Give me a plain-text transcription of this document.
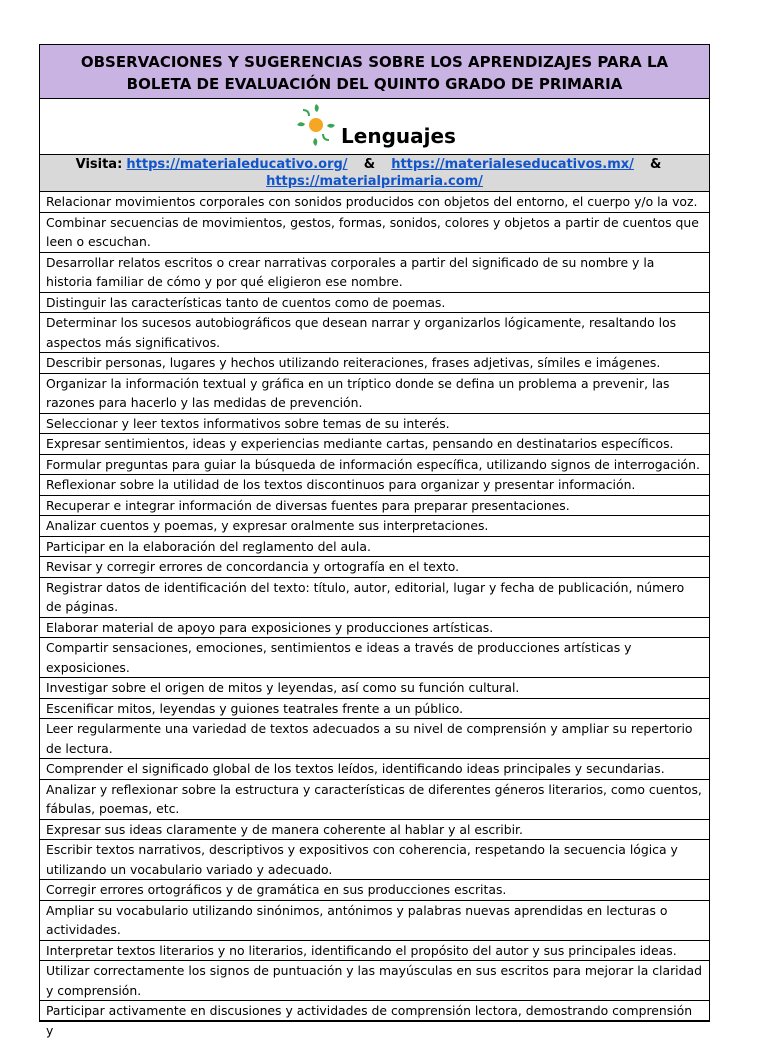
OBSERVACIONES Y SUGERENCIAS SOBRE LOS APRENDIZAJES PARA LA BOLETA DE EVALUACIÓN DEL QUINTO GRADO DE PRIMARIA
Lenguajes
Visita: https://materialeducativo.org/ & https://materialeseducativos.mx/ &
https://materialprimaria.com/
Relacionar movimientos corporales con sonidos producidos con objetos del entorno, el cuerpo y/o la voz.
Combinar secuencias de movimientos, gestos, formas, sonidos, colores y objetos a partir de cuentos que leen o escuchan.
Desarrollar relatos escritos o crear narrativas corporales a partir del significado de su nombre y la historia familiar de cómo y por qué eligieron ese nombre.
Distinguir las características tanto de cuentos como de poemas.
Determinar los sucesos autobiográficos que desean narrar y organizarlos lógicamente, resaltando los aspectos más significativos.
Describir personas, lugares y hechos utilizando reiteraciones, frases adjetivas, símiles e imágenes.
Organizar la información textual y gráfica en un tríptico donde se defina un problema a prevenir, las razones para hacerlo y las medidas de prevención.
Seleccionar y leer textos informativos sobre temas de su interés.
Expresar sentimientos, ideas y experiencias mediante cartas, pensando en destinatarios específicos.
Formular preguntas para guiar la búsqueda de información específica, utilizando signos de interrogación.
Reflexionar sobre la utilidad de los textos discontinuos para organizar y presentar información.
Recuperar e integrar información de diversas fuentes para preparar presentaciones.
Analizar cuentos y poemas, y expresar oralmente sus interpretaciones.
Participar en la elaboración del reglamento del aula.
Revisar y corregir errores de concordancia y ortografía en el texto.
Registrar datos de identificación del texto: título, autor, editorial, lugar y fecha de publicación, número de páginas.
Elaborar material de apoyo para exposiciones y producciones artísticas.
Compartir sensaciones, emociones, sentimientos e ideas a través de producciones artísticas y exposiciones.
Investigar sobre el origen de mitos y leyendas, así como su función cultural.
Escenificar mitos, leyendas y guiones teatrales frente a un público.
Leer regularmente una variedad de textos adecuados a su nivel de comprensión y ampliar su repertorio de lectura.
Comprender el significado global de los textos leídos, identificando ideas principales y secundarias.
Analizar y reflexionar sobre la estructura y características de diferentes géneros literarios, como cuentos, fábulas, poemas, etc.
Expresar sus ideas claramente y de manera coherente al hablar y al escribir.
Escribir textos narrativos, descriptivos y expositivos con coherencia, respetando la secuencia lógica y utilizando un vocabulario variado y adecuado.
Corregir errores ortográficos y de gramática en sus producciones escritas.
Ampliar su vocabulario utilizando sinónimos, antónimos y palabras nuevas aprendidas en lecturas o actividades.
Interpretar textos literarios y no literarios, identificando el propósito del autor y sus principales ideas.
Utilizar correctamente los signos de puntuación y las mayúsculas en sus escritos para mejorar la claridad y comprensión.
Participar activamente en discusiones y actividades de comprensión lectora, demostrando comprensión y
